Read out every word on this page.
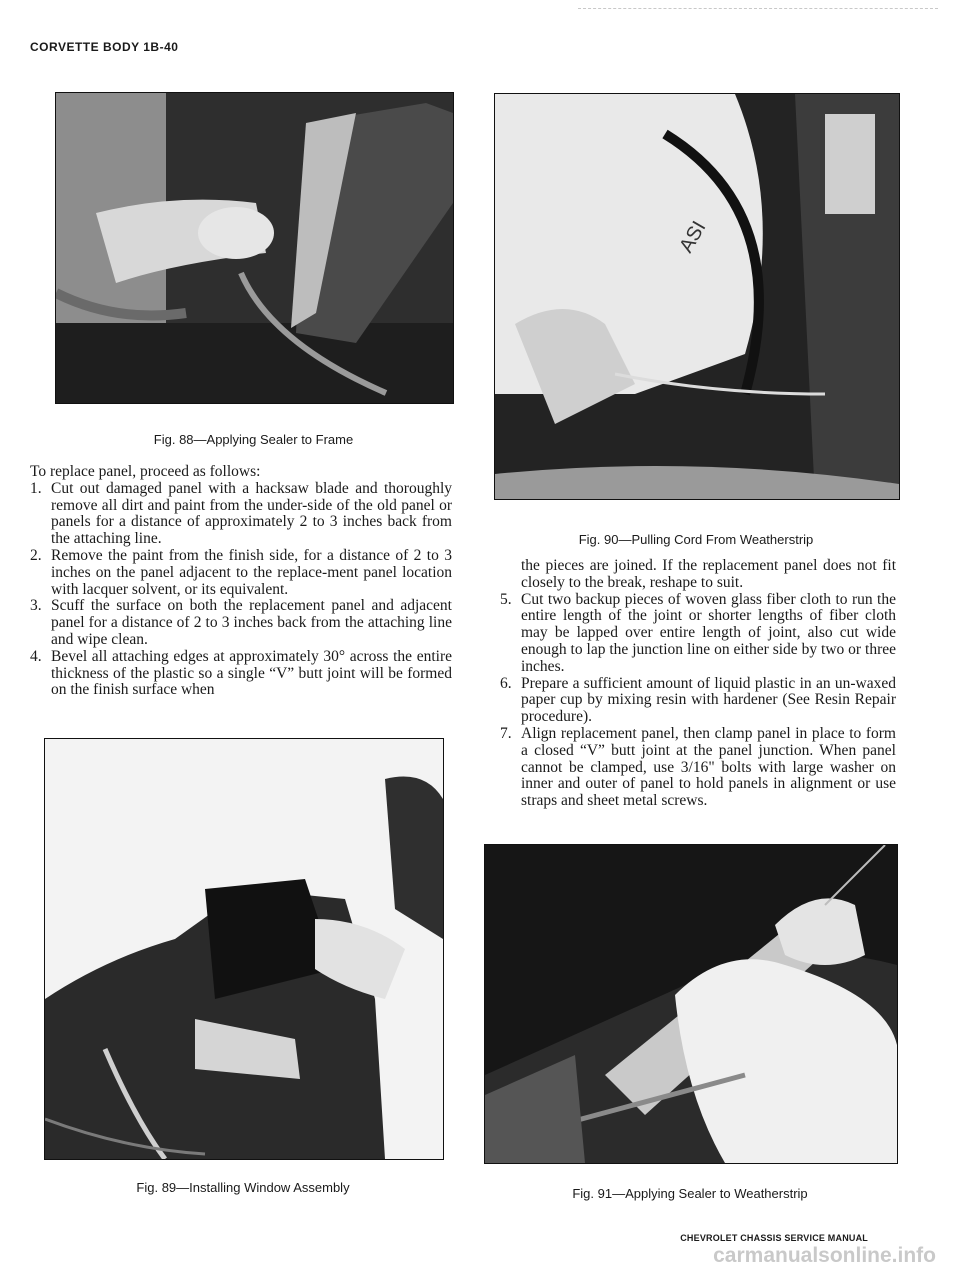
CORVETTE BODY 1B-40
Fig. 88—Applying Sealer to Frame

To replace panel, proceed as follows:

1. Cut out damaged panel with a hacksaw blade and thoroughly remove all dirt and paint from the under-side of the old panel or panels for a distance of approximately 2 to 3 inches back from the attaching line.
2. Remove the paint from the finish side, for a distance of 2 to 3 inches on the panel adjacent to the replace-ment panel location with lacquer solvent, or its equivalent.
3. Scuff the surface on both the replacement panel and adjacent panel for a distance of 2 to 3 inches back from the attaching line and wipe clean.
4. Bevel all attaching edges at approximately 30° across the entire thickness of the plastic so a single “V” butt joint will be formed on the finish surface when
Fig. 89—Installing Window Assembly
ASI
Fig. 90—Pulling Cord From Weatherstrip

the pieces are joined. If the replacement panel does not fit closely to the break, reshape to suit.

5. Cut two backup pieces of woven glass fiber cloth to run the entire length of the joint or shorter lengths of fiber cloth may be lapped over entire length of joint, also cut wide enough to lap the junction line on either side by two or three inches.
6. Prepare a sufficient amount of liquid plastic in an un-waxed paper cup by mixing resin with hardener (See Resin Repair procedure).
7. Align replacement panel, then clamp panel in place to form a closed “V” butt joint at the panel junction. When panel cannot be clamped, use 3/16" bolts with large washer on inner and outer of panel to hold panels in alignment or use straps and sheet metal screws.
Fig. 91—Applying Sealer to Weatherstrip
CHEVROLET CHASSIS SERVICE MANUAL
carmanualsonline.info
